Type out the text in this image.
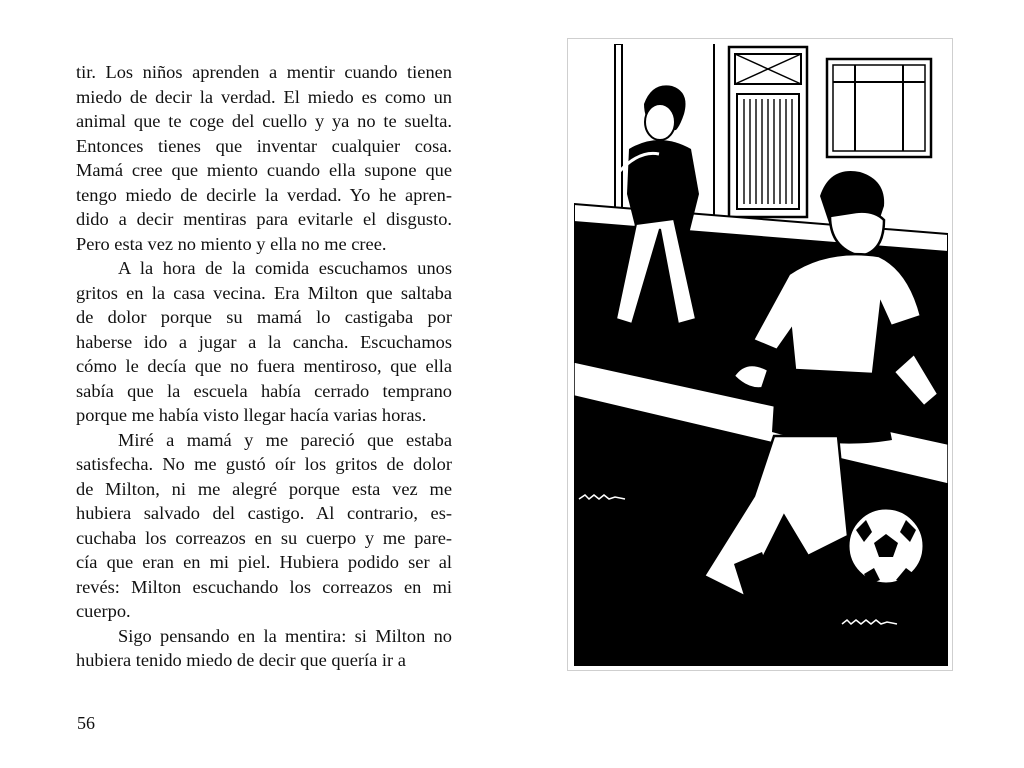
tir. Los niños aprenden a mentir cuando tienen
miedo de decir la verdad. El miedo es como un
animal que te coge del cuello y ya no te suelta.
Entonces tienes que inventar cualquier cosa.
Mamá cree que miento cuando ella supone que
tengo miedo de decirle la verdad. Yo he apren-
dido a decir mentiras para evitarle el disgusto.
Pero esta vez no miento y ella no me cree.

A la hora de la comida escuchamos unos
gritos en la casa vecina. Era Milton que saltaba
de dolor porque su mamá lo castigaba por
haberse ido a jugar a la cancha. Escuchamos
cómo le decía que no fuera mentiroso, que ella
sabía que la escuela había cerrado temprano
porque me había visto llegar hacía varias horas.

Miré a mamá y me pareció que estaba
satisfecha. No me gustó oír los gritos de dolor
de Milton, ni me alegré porque esta vez me
hubiera salvado del castigo. Al contrario, es-
cuchaba los correazos en su cuerpo y me pare-
cía que eran en mi piel. Hubiera podido ser al
revés: Milton escuchando los correazos en mi
cuerpo.

Sigo pensando en la mentira: si Milton no
hubiera tenido miedo de decir que quería ir a

56
